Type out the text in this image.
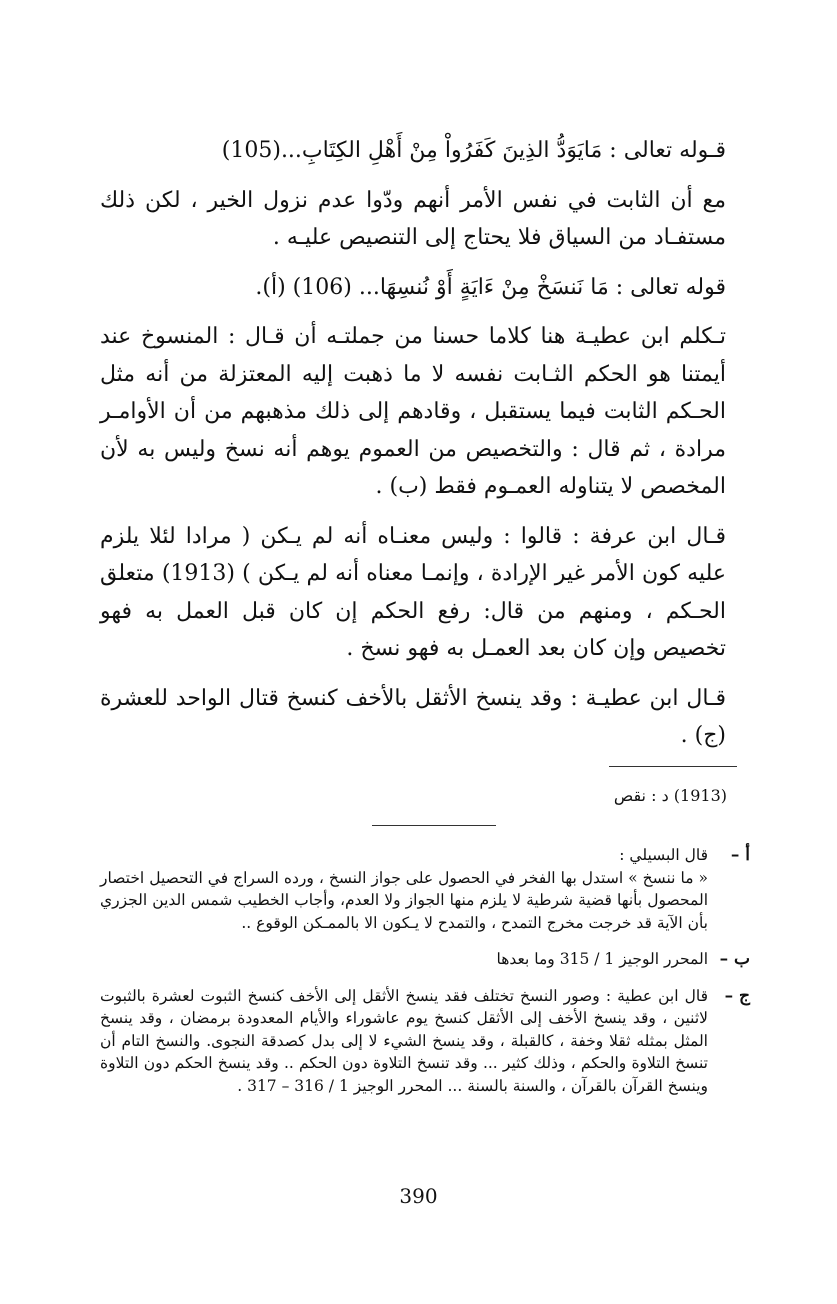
قـوله تعالى : مَايَوَدُّ الذِينَ كَفَرُواْ مِنْ أَهْلِ الكِتَابِ...(105)

مع أن الثابت في نفس الأمر أنهم ودّوا عدم نزول الخير ، لكن ذلك مستفـاد من السياق فلا يحتاج إلى التنصيص عليـه .

قوله تعالى : مَا نَنسَخْ مِنْ ءَايَةٍ أَوْ نُنسِهَا... (106) (أ).

تـكلم ابن عطيـة هنا كلاما حسنا من جملتـه أن قـال : المنسوخ عند أيمتنا هو الحكم الثـابت نفسه لا ما ذهبت إليه المعتزلة من أنه مثل الحـكم الثابت فيما يستقبل ، وقادهم إلى ذلك مذهبهم من أن الأوامـر مرادة ، ثم قال : والتخصيص من العموم يوهم أنه نسخ وليس به لأن المخصص لا يتناوله العمـوم فقط (ب) .

قـال ابن عرفة : قالوا : وليس معنـاه أنه لم يـكن ( مرادا لئلا يلزم عليه كون الأمر غير الإرادة ، وإنمـا معناه أنه لم يـكن ) (1913) متعلق الحـكم ، ومنهم من قال: رفع الحكم إن كان قبل العمل به فهو تخصيص وإن كان بعد العمـل به فهو نسخ .

قـال ابن عطيـة : وقد ينسخ الأثقل بالأخف كنسخ قتال الواحد للعشرة (ج) .

(1913) د : نقص
أ –
قال البسيلي :
« ما ننسخ » استدل بها الفخر في الحصول على جواز النسخ ، ورده السراج في التحصيل اختصار المحصول بأنها قضية شرطية لا يلزم منها الجواز ولا العدم، وأجاب الخطيب شمس الدين الجزري بأن الآية قد خرجت مخرج التمدح ، والتمدح لا يـكون الا بالممـكن الوقوع ..
ب –
المحرر الوجيز 1 / 315 وما بعدها
ج –
قال ابن عطية : وصور النسخ تختلف فقد ينسخ الأثقل إلى الأخف كنسخ الثبوت لعشرة بالثبوت لاثنين ، وقد ينسخ الأخف إلى الأثقل كنسخ يوم عاشوراء والأيام المعدودة برمضان ، وقد ينسخ المثل بمثله ثقلا وخفة ، كالقبلة ، وقد ينسخ الشيء لا إلى بدل كصدقة النجوى. والنسخ التام أن تنسخ التلاوة والحكم ، وذلك كثير ... وقد تنسخ التلاوة دون الحكم .. وقد ينسخ الحكم دون التلاوة وينسخ القرآن بالقرآن ، والسنة بالسنة ... المحرر الوجيز 1 / 316 – 317 .
390
